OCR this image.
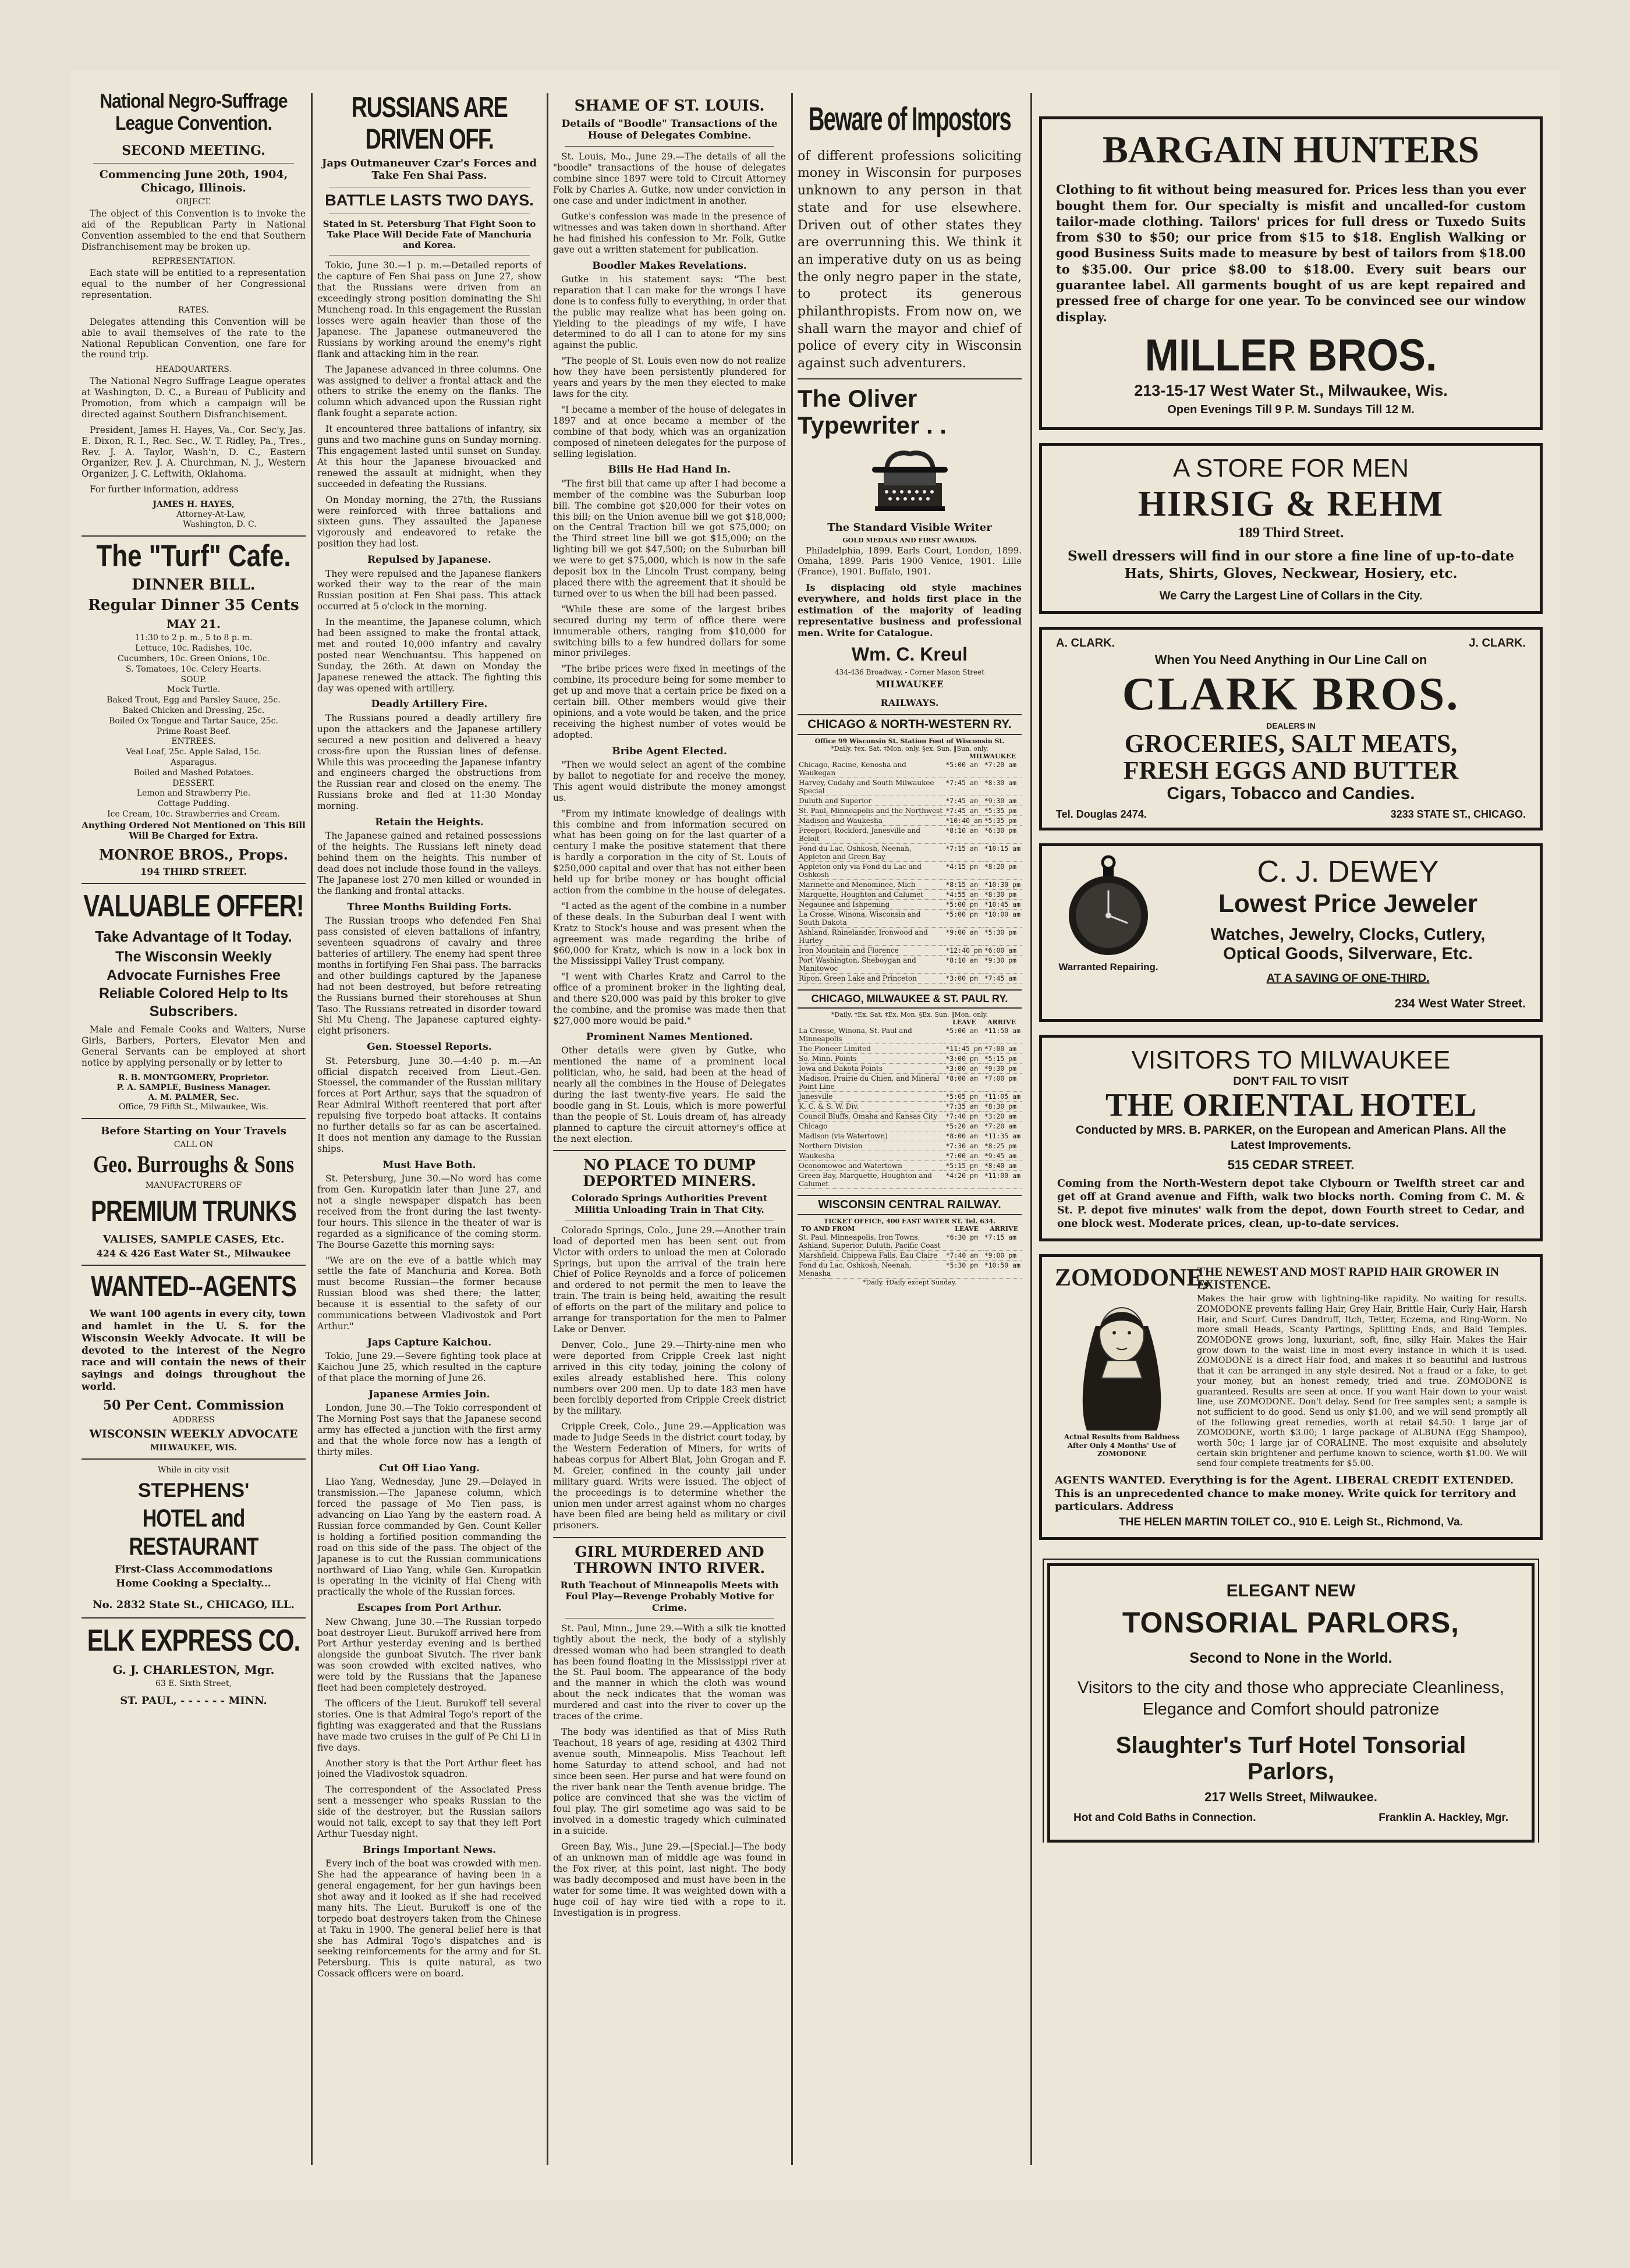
National Negro-Suffrage League Convention.
SECOND MEETING.
Commencing June 20th, 1904, Chicago, Illinois.
OBJECT.

The object of this Convention is to invoke the aid of the Republican Party in National Convention assembled to the end that Southern Disfranchisement may be broken up.

REPRESENTATION.

Each state will be entitled to a representation equal to the number of her Congressional representation.

RATES.

Delegates attending this Convention will be able to avail themselves of the rate to the National Republican Convention, one fare for the round trip.

HEADQUARTERS.

The National Negro Suffrage League operates at Washington, D. C., a Bureau of Publicity and Promotion, from which a campaign will be directed against Southern Disfranchisement.

President, James H. Hayes, Va., Cor. Sec'y, Jas. E. Dixon, R. I., Rec. Sec., W. T. Ridley, Pa., Tres., Rev. J. A. Taylor, Wash'n, D. C., Eastern Organizer, Rev. J. A. Churchman, N. J., Western Organizer, J. C. Leftwith, Oklahoma.

For further information, address

JAMES H. HAYES,
Attorney-At-Law,
Washington, D. C.
The "Turf" Cafe.
DINNER BILL.
Regular Dinner 35 Cents
MAY 21.

11:30 to 2 p. m., 5 to 8 p. m.

Lettuce, 10c. Radishes, 10c.

Cucumbers, 10c. Green Onions, 10c.

S. Tomatoes, 10c. Celery Hearts.

SOUP.

Mock Turtle.

Baked Trout, Egg and Parsley Sauce, 25c.

Baked Chicken and Dressing, 25c.

Boiled Ox Tongue and Tartar Sauce, 25c.

Prime Roast Beef.

ENTREES.

Veal Loaf, 25c. Apple Salad, 15c.

Asparagus.

Boiled and Mashed Potatoes.

DESSERT.

Lemon and Strawberry Pie.

Cottage Pudding.

Ice Cream, 10c. Strawberries and Cream.

Anything Ordered Not Mentioned on This Bill Will Be Charged for Extra.

MONROE BROS., Props.
194 THIRD STREET.
VALUABLE OFFER!
Take Advantage of It Today.
The Wisconsin Weekly Advocate Furnishes Free Reliable Colored Help to Its Subscribers.

Male and Female Cooks and Waiters, Nurse Girls, Barbers, Porters, Elevator Men and General Servants can be employed at short notice by applying personally or by letter to

R. B. MONTGOMERY, Proprietor.
P. A. SAMPLE, Business Manager.
A. M. PALMER, Sec.
Office, 79 Fifth St., Milwaukee, Wis.
Before Starting on Your Travels
CALL ON
Geo. Burroughs & Sons
MANUFACTURERS OF
PREMIUM TRUNKS
VALISES, SAMPLE CASES, Etc.
424 & 426 East Water St., Milwaukee
WANTED--AGENTS

We want 100 agents in every city, town and hamlet in the U. S. for the Wisconsin Weekly Advocate. It will be devoted to the interest of the Negro race and will contain the news of their sayings and doings throughout the world.

50 Per Cent. Commission
ADDRESS
WISCONSIN WEEKLY ADVOCATE
MILWAUKEE, WIS.
While in city visit
STEPHENS'
HOTEL and RESTAURANT
First-Class Accommodations
Home Cooking a Specialty...
No. 2832 State St., CHICAGO, ILL.
ELK EXPRESS CO.
G. J. CHARLESTON, Mgr.
63 E. Sixth Street,
ST. PAUL, - - - - - - MINN.
RUSSIANS ARE DRIVEN OFF.
Japs Outmaneuver Czar's Forces and Take Fen Shai Pass.
BATTLE LASTS TWO DAYS.
Stated in St. Petersburg That Fight Soon to Take Place Will Decide Fate of Manchuria and Korea.

Tokio, June 30.—1 p. m.—Detailed reports of the capture of Fen Shai pass on June 27, show that the Russians were driven from an exceedingly strong position dominating the Shi Muncheng road. In this engagement the Russian losses were again heavier than those of the Japanese. The Japanese outmaneuvered the Russians by working around the enemy's right flank and attacking him in the rear.

The Japanese advanced in three columns. One was assigned to deliver a frontal attack and the others to strike the enemy on the flanks. The column which advanced upon the Russian right flank fought a separate action.

It encountered three battalions of infantry, six guns and two machine guns on Sunday morning. This engagement lasted until sunset on Sunday. At this hour the Japanese bivouacked and renewed the assault at midnight, when they succeeded in defeating the Russians.

On Monday morning, the 27th, the Russians were reinforced with three battalions and sixteen guns. They assaulted the Japanese vigorously and endeavored to retake the position they had lost.

Repulsed by Japanese.

They were repulsed and the Japanese flankers worked their way to the rear of the main Russian position at Fen Shai pass. This attack occurred at 5 o'clock in the morning.

In the meantime, the Japanese column, which had been assigned to make the frontal attack, met and routed 10,000 infantry and cavalry posted near Wenchuantsu. This happened on Sunday, the 26th. At dawn on Monday the Japanese renewed the attack. The fighting this day was opened with artillery.

Deadly Artillery Fire.

The Russians poured a deadly artillery fire upon the attackers and the Japanese artillery secured a new position and delivered a heavy cross-fire upon the Russian lines of defense. While this was proceeding the Japanese infantry and engineers charged the obstructions from the Russian rear and closed on the enemy. The Russians broke and fled at 11:30 Monday morning.

Retain the Heights.

The Japanese gained and retained possessions of the heights. The Russians left ninety dead behind them on the heights. This number of dead does not include those found in the valleys. The Japanese lost 270 men killed or wounded in the flanking and frontal attacks.

Three Months Building Forts.

The Russian troops who defended Fen Shai pass consisted of eleven battalions of infantry, seventeen squadrons of cavalry and three batteries of artillery. The enemy had spent three months in fortifying Fen Shai pass. The barracks and other buildings captured by the Japanese had not been destroyed, but before retreating the Russians burned their storehouses at Shun Taso. The Russians retreated in disorder toward Shi Mu Cheng. The Japanese captured eighty-eight prisoners.

Gen. Stoessel Reports.

St. Petersburg, June 30.—4:40 p. m.—An official dispatch received from Lieut.-Gen. Stoessel, the commander of the Russian military forces at Port Arthur, says that the squadron of Rear Admiral Withoft reentered that port after repulsing five torpedo boat attacks. It contains no further details so far as can be ascertained. It does not mention any damage to the Russian ships.

Must Have Both.

St. Petersburg, June 30.—No word has come from Gen. Kuropatkin later than June 27, and not a single newspaper dispatch has been received from the front during the last twenty-four hours. This silence in the theater of war is regarded as a significance of the coming storm. The Bourse Gazette this morning says:

"We are on the eve of a battle which may settle the fate of Manchuria and Korea. Both must become Russian—the former because Russian blood was shed there; the latter, because it is essential to the safety of our communications between Vladivostok and Port Arthur."

Japs Capture Kaichou.

Tokio, June 29.—Severe fighting took place at Kaichou June 25, which resulted in the capture of that place the morning of June 26.

Japanese Armies Join.

London, June 30.—The Tokio correspondent of The Morning Post says that the Japanese second army has effected a junction with the first army and that the whole force now has a length of thirty miles.

Cut Off Liao Yang.

Liao Yang, Wednesday, June 29.—Delayed in transmission.—The Japanese column, which forced the passage of Mo Tien pass, is advancing on Liao Yang by the eastern road. A Russian force commanded by Gen. Count Keller is holding a fortified position commanding the road on this side of the pass. The object of the Japanese is to cut the Russian communications northward of Liao Yang, while Gen. Kuropatkin is operating in the vicinity of Hai Cheng with practically the whole of the Russian forces.

Escapes from Port Arthur.

New Chwang, June 30.—The Russian torpedo boat destroyer Lieut. Burukoff arrived here from Port Arthur yesterday evening and is berthed alongside the gunboat Sivutch. The river bank was soon crowded with excited natives, who were told by the Russians that the Japanese fleet had been completely destroyed.

The officers of the Lieut. Burukoff tell several stories. One is that Admiral Togo's report of the fighting was exaggerated and that the Russians have made two cruises in the gulf of Pe Chi Li in five days.

Another story is that the Port Arthur fleet has joined the Vladivostok squadron.

The correspondent of the Associated Press sent a messenger who speaks Russian to the side of the destroyer, but the Russian sailors would not talk, except to say that they left Port Arthur Tuesday night.

Brings Important News.

Every inch of the boat was crowded with men. She had the appearance of having been in a general engagement, for her gun havings been shot away and it looked as if she had received many hits. The Lieut. Burukoff is one of the torpedo boat destroyers taken from the Chinese at Taku in 1900. The general belief here is that she has Admiral Togo's dispatches and is seeking reinforcements for the army and for St. Petersburg. This is quite natural, as two Cossack officers were on board.

SHAME OF ST. LOUIS.
Details of "Boodle" Transactions of the House of Delegates Combine.

St. Louis, Mo., June 29.—The details of all the "boodle" transactions of the house of delegates combine since 1897 were told to Circuit Attorney Folk by Charles A. Gutke, now under conviction in one case and under indictment in another.

Gutke's confession was made in the presence of witnesses and was taken down in shorthand. After he had finished his confession to Mr. Folk, Gutke gave out a written statement for publication.

Boodler Makes Revelations.

Gutke in his statement says: "The best reparation that I can make for the wrongs I have done is to confess fully to everything, in order that the public may realize what has been going on. Yielding to the pleadings of my wife, I have determined to do all I can to atone for my sins against the public.

"The people of St. Louis even now do not realize how they have been persistently plundered for years and years by the men they elected to make laws for the city.

"I became a member of the house of delegates in 1897 and at once became a member of the combine of that body, which was an organization composed of nineteen delegates for the purpose of selling legislation.

Bills He Had Hand In.

"The first bill that came up after I had become a member of the combine was the Suburban loop bill. The combine got $20,000 for their votes on this bill; on the Union avenue bill we got $18,000; on the Central Traction bill we got $75,000; on the Third street line bill we got $15,000; on the lighting bill we got $47,500; on the Suburban bill we were to get $75,000, which is now in the safe deposit box in the Lincoln Trust company, being placed there with the agreement that it should be turned over to us when the bill had been passed.

"While these are some of the largest bribes secured during my term of office there were innumerable others, ranging from $10,000 for switching bills to a few hundred dollars for some minor privileges.

"The bribe prices were fixed in meetings of the combine, its procedure being for some member to get up and move that a certain price be fixed on a certain bill. Other members would give their opinions, and a vote would be taken, and the price receiving the highest number of votes would be adopted.

Bribe Agent Elected.

"Then we would select an agent of the combine by ballot to negotiate for and receive the money. This agent would distribute the money amongst us.

"From my intimate knowledge of dealings with this combine and from information secured on what has been going on for the last quarter of a century I make the positive statement that there is hardly a corporation in the city of St. Louis of $250,000 capital and over that has not either been held up for bribe money or has bought official action from the combine in the house of delegates.

"I acted as the agent of the combine in a number of these deals. In the Suburban deal I went with Kratz to Stock's house and was present when the agreement was made regarding the bribe of $60,000 for Kratz, which is now in a lock box in the Mississippi Valley Trust company.

"I went with Charles Kratz and Carrol to the office of a prominent broker in the lighting deal, and there $20,000 was paid by this broker to give the combine, and the promise was made then that $27,000 more would be paid."

Prominent Names Mentioned.

Other details were given by Gutke, who mentioned the name of a prominent local politician, who, he said, had been at the head of nearly all the combines in the House of Delegates during the last twenty-five years. He said the boodle gang in St. Louis, which is more powerful than the people of St. Louis dream of, has already planned to capture the circuit attorney's office at the next election.

NO PLACE TO DUMP DEPORTED MINERS.
Colorado Springs Authorities Prevent Militia Unloading Train in That City.

Colorado Springs, Colo., June 29.—Another train load of deported men has been sent out from Victor with orders to unload the men at Colorado Springs, but upon the arrival of the train here Chief of Police Reynolds and a force of policemen and ordered to not permit the men to leave the train. The train is being held, awaiting the result of efforts on the part of the military and police to arrange for transportation for the men to Palmer Lake or Denver.

Denver, Colo., June 29.—Thirty-nine men who were deported from Cripple Creek last night arrived in this city today, joining the colony of exiles already established here. This colony numbers over 200 men. Up to date 183 men have been forcibly deported from Cripple Creek district by the military.

Cripple Creek, Colo., June 29.—Application was made to Judge Seeds in the district court today, by the Western Federation of Miners, for writs of habeas corpus for Albert Blat, John Grogan and F. M. Greier, confined in the county jail under military guard. Writs were issued. The object of the proceedings is to determine whether the union men under arrest against whom no charges have been filed are being held as military or civil prisoners.

GIRL MURDERED AND THROWN INTO RIVER.
Ruth Teachout of Minneapolis Meets with Foul Play—Revenge Probably Motive for Crime.

St. Paul, Minn., June 29.—With a silk tie knotted tightly about the neck, the body of a stylishly dressed woman who had been strangled to death has been found floating in the Mississippi river at the St. Paul boom. The appearance of the body and the manner in which the cloth was wound about the neck indicates that the woman was murdered and cast into the river to cover up the traces of the crime.

The body was identified as that of Miss Ruth Teachout, 18 years of age, residing at 4302 Third avenue south, Minneapolis. Miss Teachout left home Saturday to attend school, and had not since been seen. Her purse and hat were found on the river bank near the Tenth avenue bridge. The police are convinced that she was the victim of foul play. The girl sometime ago was said to be involved in a domestic tragedy which culminated in a suicide.

Green Bay, Wis., June 29.—[Special.]—The body of an unknown man of middle age was found in the Fox river, at this point, last night. The body was badly decomposed and must have been in the water for some time. It was weighted down with a huge coil of hay wire tied with a rope to it. Investigation is in progress.

Beware of Impostors

of different professions soliciting money in Wisconsin for purposes unknown to any person in that state and for use elsewhere. Driven out of other states they are overrunning this. We think it an imperative duty on us as being the only negro paper in the state, to protect its generous philanthropists. From now on, we shall warn the mayor and chief of police of every city in Wisconsin against such adventurers.

The Oliver Typewriter . .
The Standard Visible Writer
GOLD MEDALS AND FIRST AWARDS.

Philadelphia, 1899. Earls Court, London, 1899. Omaha, 1899. Paris 1900 Venice, 1901. Lille (France), 1901. Buffalo, 1901.

Is displacing old style machines everywhere, and holds first place in the estimation of the majority of leading representative business and professional men. Write for Catalogue.

Wm. C. Kreul
434-436 Broadway, - Corner Mason Street
MILWAUKEE
RAILWAYS.
CHICAGO & NORTH-WESTERN RY.
Office 99 Wisconsin St. Station Foot of Wisconsin St.
*Daily. †ex. Sat. ‡Mon. only. §ex. Sun. ‖Sun. only.
MILWAUKEE
Chicago, Racine, Kenosha and Waukegan	*5:00 am	*7:20 am
Harvey, Cudahy and South Milwaukee Special	*7:45 am	*8:30 am
Duluth and Superior	*7:45 am	*9:30 am
St. Paul, Minneapolis and the Northwest	*7:45 am	*5:35 pm
Madison and Waukesha	*10:40 am	*5:35 pm
Freeport, Rockford, Janesville and Beloit	*8:10 am	*6:30 pm
Fond du Lac, Oshkosh, Neenah, Appleton and Green Bay	*7:15 am	*10:15 am
Appleton only via Fond du Lac and Oshkosh	*4:15 pm	*8:20 pm
Marinette and Menominee, Mich	*8:15 am	*10:30 pm
Marquette, Houghton and Calumet	*4:55 am	*8:30 pm
Negaunee and Ishpeming	*5:00 pm	*10:45 am
La Crosse, Winona, Wisconsin and South Dakota	*5:00 pm	*10:00 am
Ashland, Rhinelander, Ironwood and Hurley	*9:00 am	*5:30 pm
Iron Mountain and Florence	*12:40 pm	*6:00 am
Port Washington, Sheboygan and Manitowoc	*8:10 am	*9:30 pm
Ripon, Green Lake and Princeton	*3:00 pm	*7:45 am
CHICAGO, MILWAUKEE & ST. PAUL RY.
*Daily. †Ex. Sat. ‡Ex. Mon. §Ex. Sun. ‖Mon. only.
LEAVE ARRIVE
La Crosse, Winona, St. Paul and Minneapolis	*5:00 am	*11:50 am
The Pioneer Limited	*11:45 pm	*7:00 am
So. Minn. Points	*3:00 pm	*5:15 pm
Iowa and Dakota Points	*3:00 am	*9:30 pm
Madison, Prairie du Chien, and Mineral Point Line	*8:00 am	*7:00 pm
Janesville	*5:05 pm	*11:05 am
K. C. & S. W. Div.	*7:35 am	*8:30 pm
Council Bluffs, Omaha and Kansas City	*7:40 pm	*3:20 am
Chicago	*5:20 am	*7:20 am
Madison (via Watertown)	*8:00 am	*11:35 am
Northern Division	*7:30 am	*8:25 pm
Waukesha	*7:00 am	*9:45 am
Oconomowoc and Watertown	*5:15 pm	*8:40 am
Green Bay, Marquette, Houghton and Calumet	*4:20 pm	*11:00 am
WISCONSIN CENTRAL RAILWAY.
TICKET OFFICE, 400 EAST WATER ST. Tel. 634.
TO AND FROM	LEAVE ARRIVE
St. Paul, Minneapolis, Iron Towns, Ashland, Superior, Duluth, Pacific Coast	*6:30 pm	*7:15 am
Marshfield, Chippewa Falls, Eau Claire	*7:40 am	*9:00 pm
Fond du Lac, Oshkosh, Neenah, Menasha	*5:30 pm	*10:50 am
*Daily. †Daily except Sunday.
BARGAIN HUNTERS

Clothing to fit without being measured for. Prices less than you ever bought them for. Our specialty is misfit and uncalled-for custom tailor-made clothing. Tailors' prices for full dress or Tuxedo Suits from $30 to $50; our price from $15 to $18. English Walking or good Business Suits made to measure by best of tailors from $18.00 to $35.00. Our price $8.00 to $18.00. Every suit bears our guarantee label. All garments bought of us are kept repaired and pressed free of charge for one year. To be convinced see our window display.

MILLER BROS.
213-15-17 West Water St., Milwaukee, Wis.
Open Evenings Till 9 P. M. Sundays Till 12 M.
A STORE FOR MEN
HIRSIG & REHM
189 Third Street.

Swell dressers will find in our store a fine line of up-to-date Hats, Shirts, Gloves, Neckwear, Hosiery, etc.

We Carry the Largest Line of Collars in the City.
A. CLARK.	J. CLARK.
When You Need Anything in Our Line Call on
CLARK BROS.
DEALERS IN
GROCERIES, SALT MEATS,
FRESH EGGS AND BUTTER
Cigars, Tobacco and Candies.
Tel. Douglas 2474.	3233 STATE ST., CHICAGO.
Warranted Repairing.
C. J. DEWEY
Lowest Price Jeweler
Watches, Jewelry, Clocks, Cutlery,
Optical Goods, Silverware, Etc.
AT A SAVING OF ONE-THIRD.
234 West Water Street.
VISITORS TO MILWAUKEE
DON'T FAIL TO VISIT
THE ORIENTAL HOTEL
Conducted by MRS. B. PARKER, on the European and American Plans. All the Latest Improvements.
515 CEDAR STREET.

Coming from the North-Western depot take Clybourn or Twelfth street car and get off at Grand avenue and Fifth, walk two blocks north. Coming from C. M. & St. P. depot five minutes' walk from the depot, down Fourth street to Cedar, and one block west. Moderate prices, clean, up-to-date services.

ZOMODONE,
Actual Results from Baldness After Only 4 Months' Use of ZOMODONE
THE NEWEST AND MOST RAPID HAIR GROWER IN EXISTENCE.

Makes the hair grow with lightning-like rapidity. No waiting for results. ZOMODONE prevents falling Hair, Grey Hair, Brittle Hair, Curly Hair, Harsh Hair, and Scurf. Cures Dandruff, Itch, Tetter, Eczema, and Ring-Worm. No more small Heads, Scanty Partings, Splitting Ends, and Bald Temples. ZOMODONE grows long, luxuriant, soft, fine, silky Hair. Makes the Hair grow down to the waist line in most every instance in which it is used. ZOMODONE is a direct Hair food, and makes it so beautiful and lustrous that it can be arranged in any style desired. Not a fraud or a fake, to get your money, but an honest remedy, tried and true. ZOMODONE is guaranteed. Results are seen at once. If you want Hair down to your waist line, use ZOMODONE. Don't delay. Send for free samples sent; a sample is not sufficient to do good. Send us only $1.00, and we will send promptly all of the following great remedies, worth at retail $4.50: 1 large jar of ZOMODONE, worth $3.00; 1 large package of ALBUNA (Egg Shampoo), worth 50c; 1 large jar of CORALINE. The most exquisite and absolutely certain skin brightener and perfume known to science, worth $1.00. We will send four complete treatments for $5.00.

AGENTS WANTED. Everything is for the Agent. LIBERAL CREDIT EXTENDED. This is an unprecedented chance to make money. Write quick for territory and particulars. Address

THE HELEN MARTIN TOILET CO., 910 E. Leigh St., Richmond, Va.
ELEGANT NEW
TONSORIAL PARLORS,
Second to None in the World.
Visitors to the city and those who appreciate Cleanliness, Elegance and Comfort should patronize
Slaughter's Turf Hotel Tonsorial Parlors,
217 Wells Street, Milwaukee.
Hot and Cold Baths in Connection.	Franklin A. Hackley, Mgr.
